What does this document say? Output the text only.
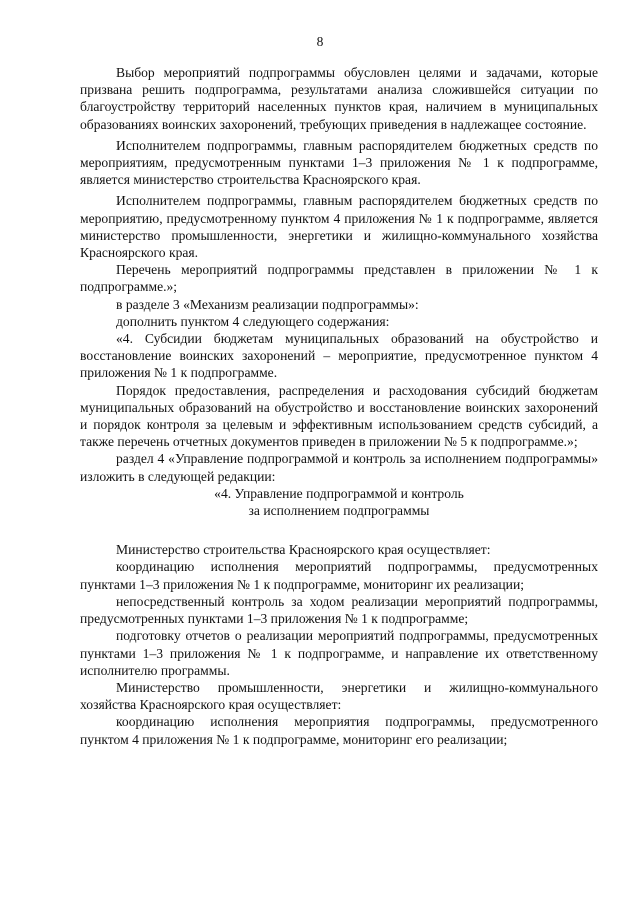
8

Выбор мероприятий подпрограммы обусловлен целями и задачами, которые призвана решить подпрограмма, результатами анализа сложившейся ситуации по благоустройству территорий населенных пунктов края, наличием в муниципальных образованиях воинских захоронений, требующих приведения в надлежащее состояние.

Исполнителем подпрограммы, главным распорядителем бюджетных средств по мероприятиям, предусмотренным пунктами 1–3 приложения № 1 к подпрограмме, является министерство строительства Красноярского края.

Исполнителем подпрограммы, главным распорядителем бюджетных средств по мероприятию, предусмотренному пунктом 4 приложения № 1 к подпрограмме, является министерство промышленности, энергетики и жилищно-коммунального хозяйства Красноярского края.

Перечень мероприятий подпрограммы представлен в приложении № 1 к подпрограмме.»;

в разделе 3 «Механизм реализации подпрограммы»:

дополнить пунктом 4 следующего содержания:

«4. Субсидии бюджетам муниципальных образований на обустройство и восстановление воинских захоронений – мероприятие, предусмотренное пунктом 4 приложения № 1 к подпрограмме.

Порядок предоставления, распределения и расходования субсидий бюджетам муниципальных образований на обустройство и восстановление воинских захоронений и порядок контроля за целевым и эффективным использованием средств субсидий, а также перечень отчетных документов приведен в приложении № 5 к подпрограмме.»;

раздел 4 «Управление подпрограммой и контроль за исполнением подпрограммы» изложить в следующей редакции:

«4. Управление подпрограммой и контроль
за исполнением подпрограммы

Министерство строительства Красноярского края осуществляет:

координацию исполнения мероприятий подпрограммы, предусмотренных пунктами 1–3 приложения № 1 к подпрограмме, мониторинг их реализации;

непосредственный контроль за ходом реализации мероприятий подпрограммы, предусмотренных пунктами 1–3 приложения № 1 к подпрограмме;

подготовку отчетов о реализации мероприятий подпрограммы, предусмотренных пунктами 1–3 приложения № 1 к подпрограмме, и направление их ответственному исполнителю программы.

Министерство промышленности, энергетики и жилищно-коммунального хозяйства Красноярского края осуществляет:

координацию исполнения мероприятия подпрограммы, предусмотренного пунктом 4 приложения № 1 к подпрограмме, мониторинг его реализации;
